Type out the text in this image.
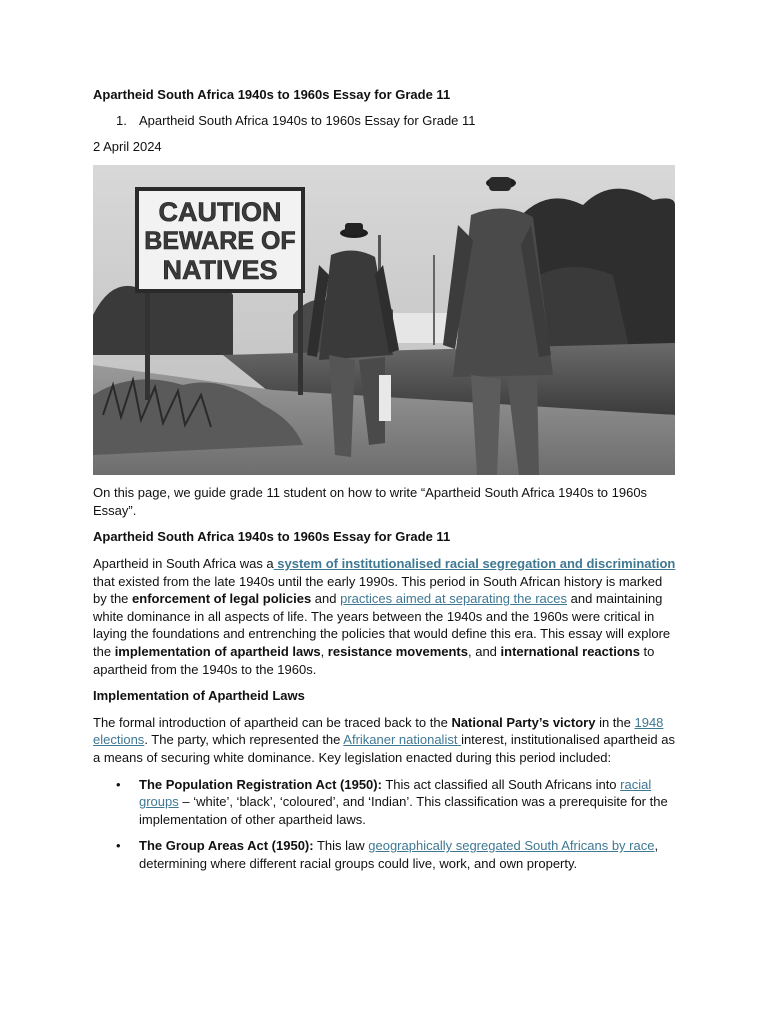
Apartheid South Africa 1940s to 1960s Essay for Grade 11

1. Apartheid South Africa 1940s to 1960s Essay for Grade 11

2 April 2024

CAUTION
BEWARE OF
NATIVES

On this page, we guide grade 11 student on how to write “Apartheid South Africa 1940s to 1960s Essay”.

Apartheid South Africa 1940s to 1960s Essay for Grade 11

Apartheid in South Africa was a system of institutionalised racial segregation and discrimination that existed from the late 1940s until the early 1990s. This period in South African history is marked by the enforcement of legal policies and practices aimed at separating the races and maintaining white dominance in all aspects of life. The years between the 1940s and the 1960s were critical in laying the foundations and entrenching the policies that would define this era. This essay will explore the implementation of apartheid laws, resistance movements, and international reactions to apartheid from the 1940s to the 1960s.

Implementation of Apartheid Laws

The formal introduction of apartheid can be traced back to the National Party’s victory in the 1948 elections. The party, which represented the Afrikaner nationalist interest, institutionalised apartheid as a means of securing white dominance. Key legislation enacted during this period included:

• The Population Registration Act (1950): This act classified all South Africans into racial groups – ‘white’, ‘black’, ‘coloured’, and ‘Indian’. This classification was a prerequisite for the implementation of other apartheid laws.
• The Group Areas Act (1950): This law geographically segregated South Africans by race, determining where different racial groups could live, work, and own property.
